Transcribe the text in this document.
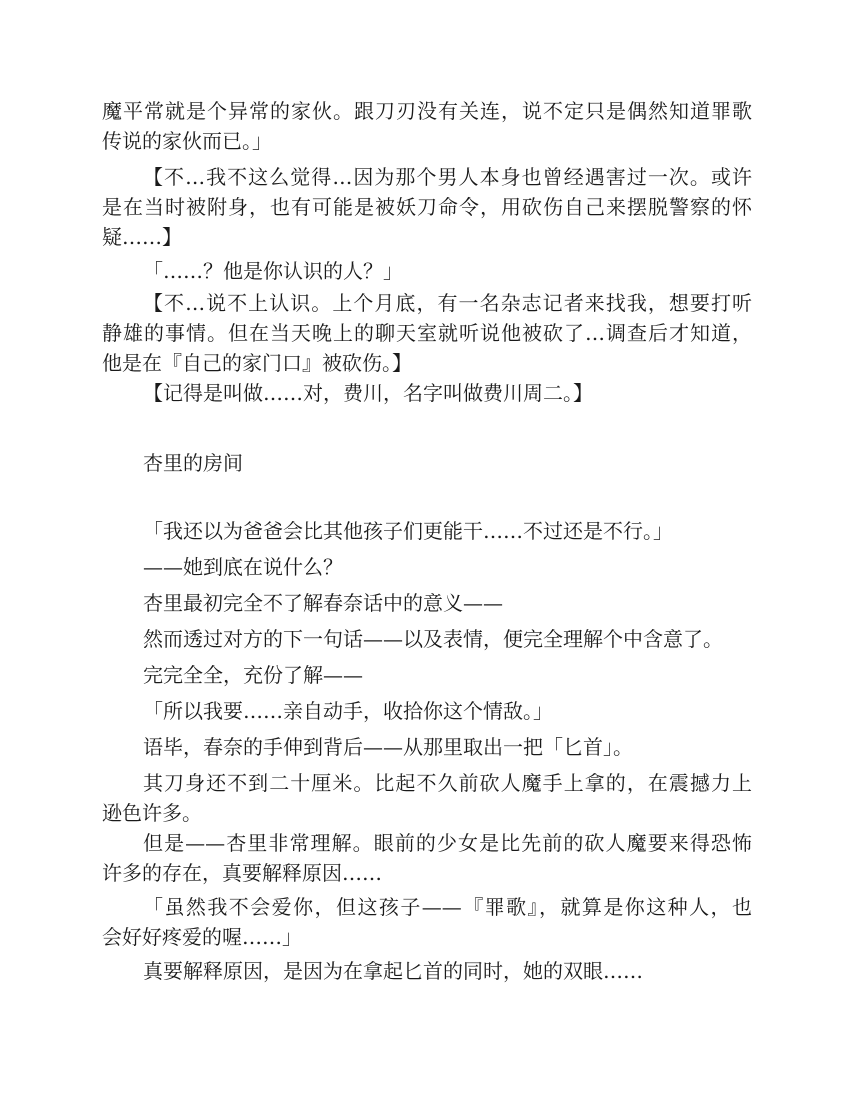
魔平常就是个异常的家伙。跟刀刃没有关连，说不定只是偶然知道罪歌
传说的家伙而已。」
【不…我不这么觉得…因为那个男人本身也曾经遇害过一次。或许
是在当时被附身，也有可能是被妖刀命令，用砍伤自己来摆脱警察的怀
疑……】
「……？他是你认识的人？」
【不…说不上认识。上个月底，有一名杂志记者来找我，想要打听
静雄的事情。但在当天晚上的聊天室就听说他被砍了…调查后才知道，
他是在『自己的家门口』被砍伤。】
【记得是叫做……对，费川，名字叫做费川周二。】
杏里的房间
「我还以为爸爸会比其他孩子们更能干……不过还是不行。」
——她到底在说什么？
杏里最初完全不了解春奈话中的意义——
然而透过对方的下一句话——以及表情，便完全理解个中含意了。
完完全全，充份了解——
「所以我要……亲自动手，收拾你这个情敌。」
语毕，春奈的手伸到背后——从那里取出一把「匕首」。
其刀身还不到二十厘米。比起不久前砍人魔手上拿的，在震撼力上
逊色许多。
但是——杏里非常理解。眼前的少女是比先前的砍人魔要来得恐怖
许多的存在，真要解释原因……
「虽然我不会爱你，但这孩子——『罪歌』，就算是你这种人，也
会好好疼爱的喔……」
真要解释原因，是因为在拿起匕首的同时，她的双眼……
